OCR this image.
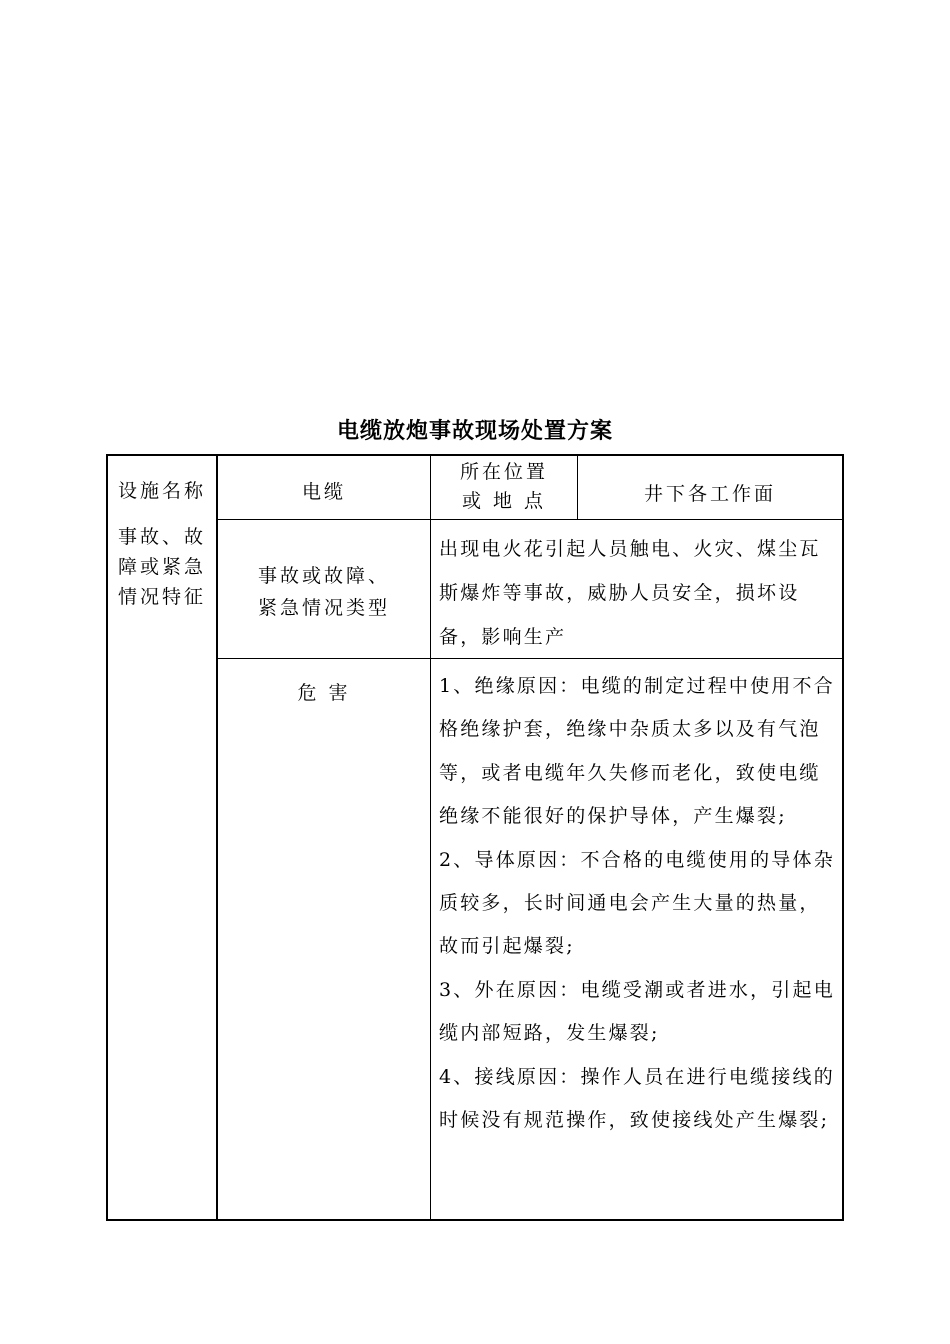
电缆放炮事故现场处置方案
设施名称
事故、故
障或紧急
情况特征
电缆
所在位置
或 地 点	井下各工作面
事故或故障、
紧急情况类型
出现电火花引起人员触电、火灾、煤尘瓦斯爆炸等事故，威胁人员安全，损坏设备，影响生产
危 害	1、绝缘原因：电缆的制定过程中使用不合格绝缘护套，绝缘中杂质太多以及有气泡等，或者电缆年久失修而老化，致使电缆绝缘不能很好的保护导体，产生爆裂;
2、导体原因：不合格的电缆使用的导体杂质较多，长时间通电会产生大量的热量，故而引起爆裂;
3、外在原因：电缆受潮或者进水，引起电缆内部短路，发生爆裂;
4、接线原因：操作人员在进行电缆接线的时候没有规范操作，致使接线处产生爆裂;
